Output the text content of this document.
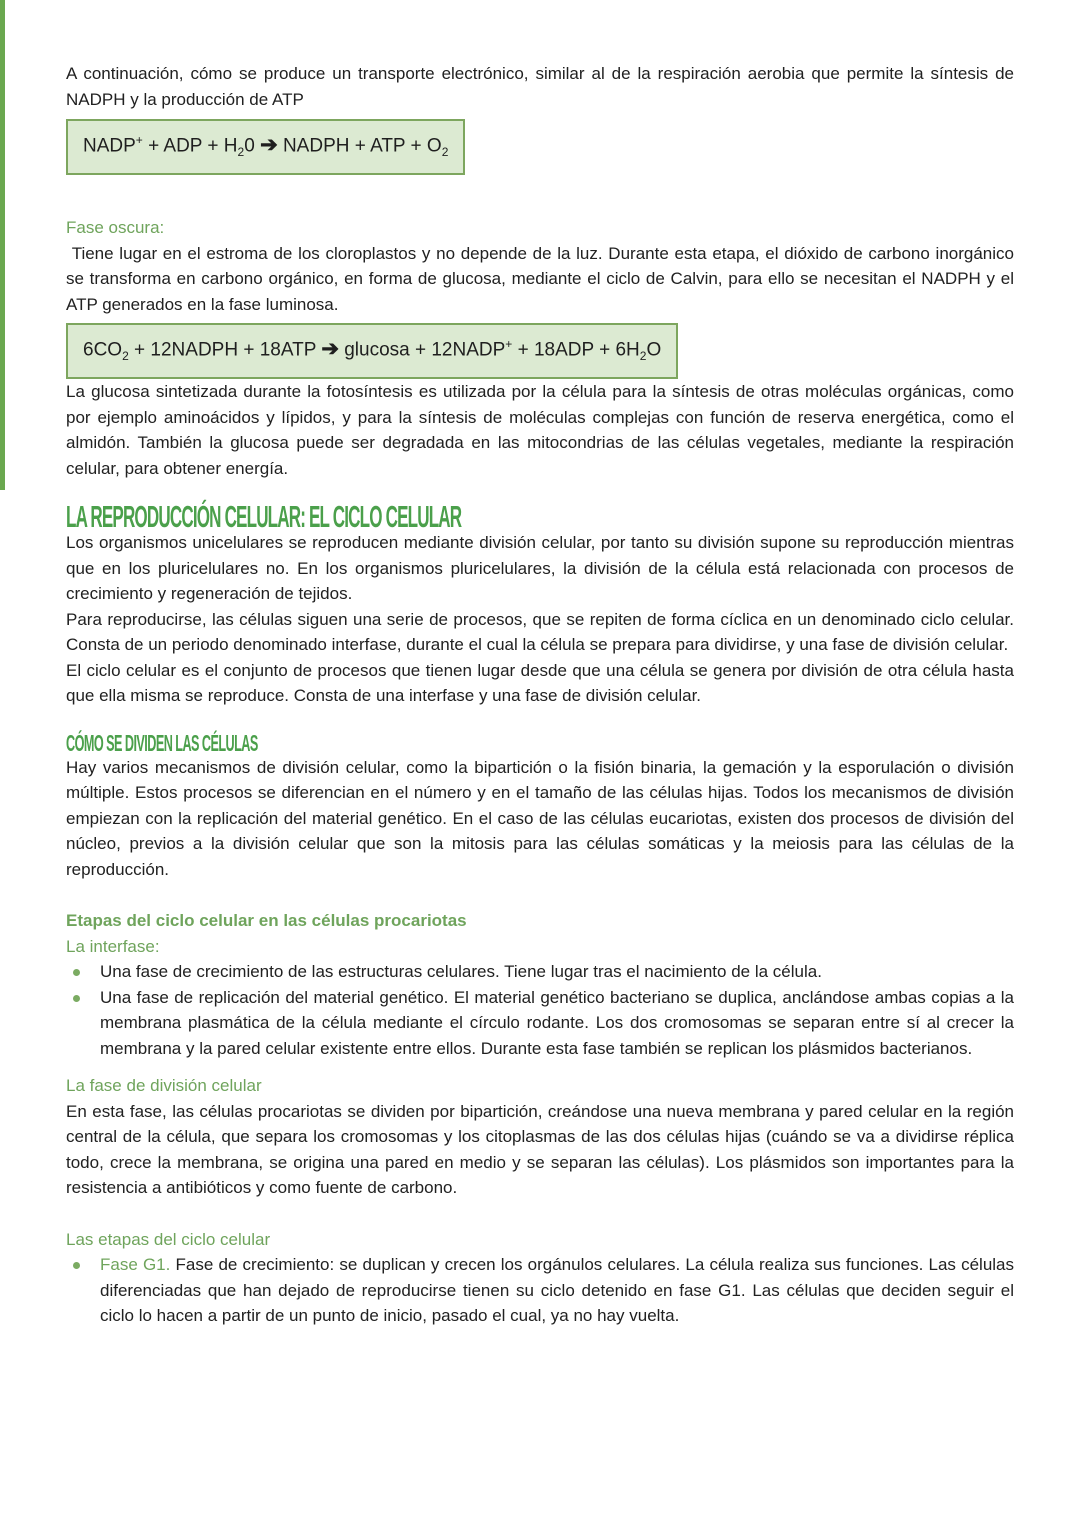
A continuación, cómo se produce un transporte electrónico, similar al de la respiración aerobia que permite la síntesis de NADPH y la producción de ATP

NADP+ + ADP + $H_20$ ➔ NADPH + ATP + $O_2$

Fase oscura:

Tiene lugar en el estroma de los cloroplastos y no depende de la luz. Durante esta etapa, el dióxido de carbono inorgánico se transforma en carbono orgánico, en forma de glucosa, mediante el ciclo de Calvin, para ello se necesitan el NADPH y el ATP generados en la fase luminosa.

$6CO_2$ + 12NADPH + 18ATP ➔ glucosa + 12NADP+ + $18ADP + 6H_2O$

La glucosa sintetizada durante la fotosíntesis es utilizada por la célula para la síntesis de otras moléculas orgánicas, como por ejemplo aminoácidos y lípidos, y para la síntesis de moléculas complejas con función de reserva energética, como el almidón. También la glucosa puede ser degradada en las mitocondrias de las células vegetales, mediante la respiración celular, para obtener energía.

LA REPRODUCCIÓN CELULAR: EL CICLO CELULAR

Los organismos unicelulares se reproducen mediante división celular, por tanto su división supone su reproducción mientras que en los pluricelulares no. En los organismos pluricelulares, la división de la célula está relacionada con procesos de crecimiento y regeneración de tejidos.

Para reproducirse, las células siguen una serie de procesos, que se repiten de forma cíclica en un denominado ciclo celular. Consta de un periodo denominado interfase, durante el cual la célula se prepara para dividirse, y una fase de división celular.

El ciclo celular es el conjunto de procesos que tienen lugar desde que una célula se genera por división de otra célula hasta que ella misma se reproduce. Consta de una interfase y una fase de división celular.

CÓMO SE DIVIDEN LAS CÉLULAS

Hay varios mecanismos de división celular, como la bipartición o la fisión binaria, la gemación y la esporulación o división múltiple. Estos procesos se diferencian en el número y en el tamaño de las células hijas. Todos los mecanismos de división empiezan con la replicación del material genético. En el caso de las células eucariotas, existen dos procesos de división del núcleo, previos a la división celular que son la mitosis para las células somáticas y la meiosis para las células de la reproducción.

Etapas del ciclo celular en las células procariotas

La interfase:

Una fase de crecimiento de las estructuras celulares. Tiene lugar tras el nacimiento de la célula.
Una fase de replicación del material genético. El material genético bacteriano se duplica, anclándose ambas copias a la membrana plasmática de la célula mediante el círculo rodante. Los dos cromosomas se separan entre sí al crecer la membrana y la pared celular existente entre ellos. Durante esta fase también se replican los plásmidos bacterianos.

La fase de división celular

En esta fase, las células procariotas se dividen por bipartición, creándose una nueva membrana y pared celular en la región central de la célula, que separa los cromosomas y los citoplasmas de las dos células hijas (cuándo se va a dividirse réplica todo, crece la membrana, se origina una pared en medio y se separan las células). Los plásmidos son importantes para la resistencia a antibióticos y como fuente de carbono.

Las etapas del ciclo celular

Fase G1. Fase de crecimiento: se duplican y crecen los orgánulos celulares. La célula realiza sus funciones. Las células diferenciadas que han dejado de reproducirse tienen su ciclo detenido en fase G1. Las células que deciden seguir el ciclo lo hacen a partir de un punto de inicio, pasado el cual, ya no hay vuelta.
